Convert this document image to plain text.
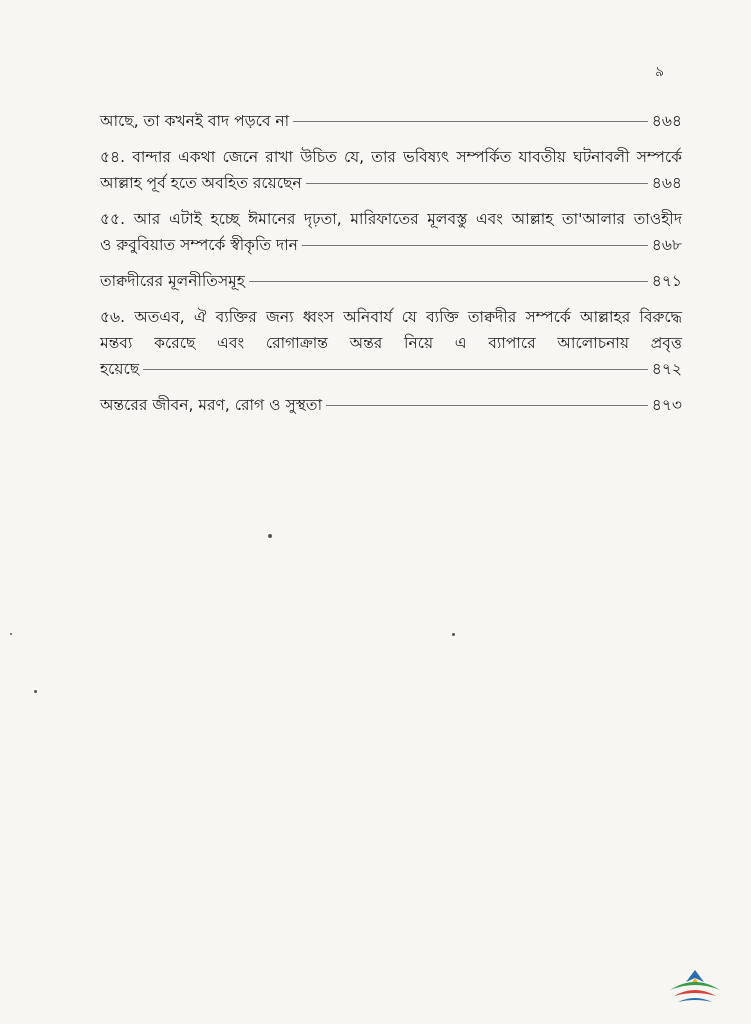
৯
আছে, তা কখনই বাদ পড়বে না	৪৬৪
৫৪. বান্দার একথা জেনে রাখা উচিত যে, তার ভবিষ্যৎ সম্পর্কিত যাবতীয় ঘটনাবলী সম্পর্কে
আল্লাহ পূর্ব হতে অবহিত রয়েছেন	৪৬৪
৫৫. আর এটাই হচ্ছে ঈমানের দৃঢ়তা, মারিফাতের মূলবস্তু এবং আল্লাহ তা'আলার তাওহীদ
ও রুবুবিয়াত সম্পর্কে স্বীকৃতি দান	৪৬৮
তাক্বদীরের মূলনীতিসমূহ	৪৭১
৫৬. অতএব, ঐ ব্যক্তির জন্য ধ্বংস অনিবার্য যে ব্যক্তি তাক্বদীর সম্পর্কে আল্লাহর বিরুদ্ধে
মন্তব্য করেছে এবং রোগাক্রান্ত অন্তর নিয়ে এ ব্যাপারে আলোচনায় প্রবৃত্ত
হয়েছে	৪৭২
অন্তরের জীবন, মরণ, রোগ ও সুস্থতা	৪৭৩
